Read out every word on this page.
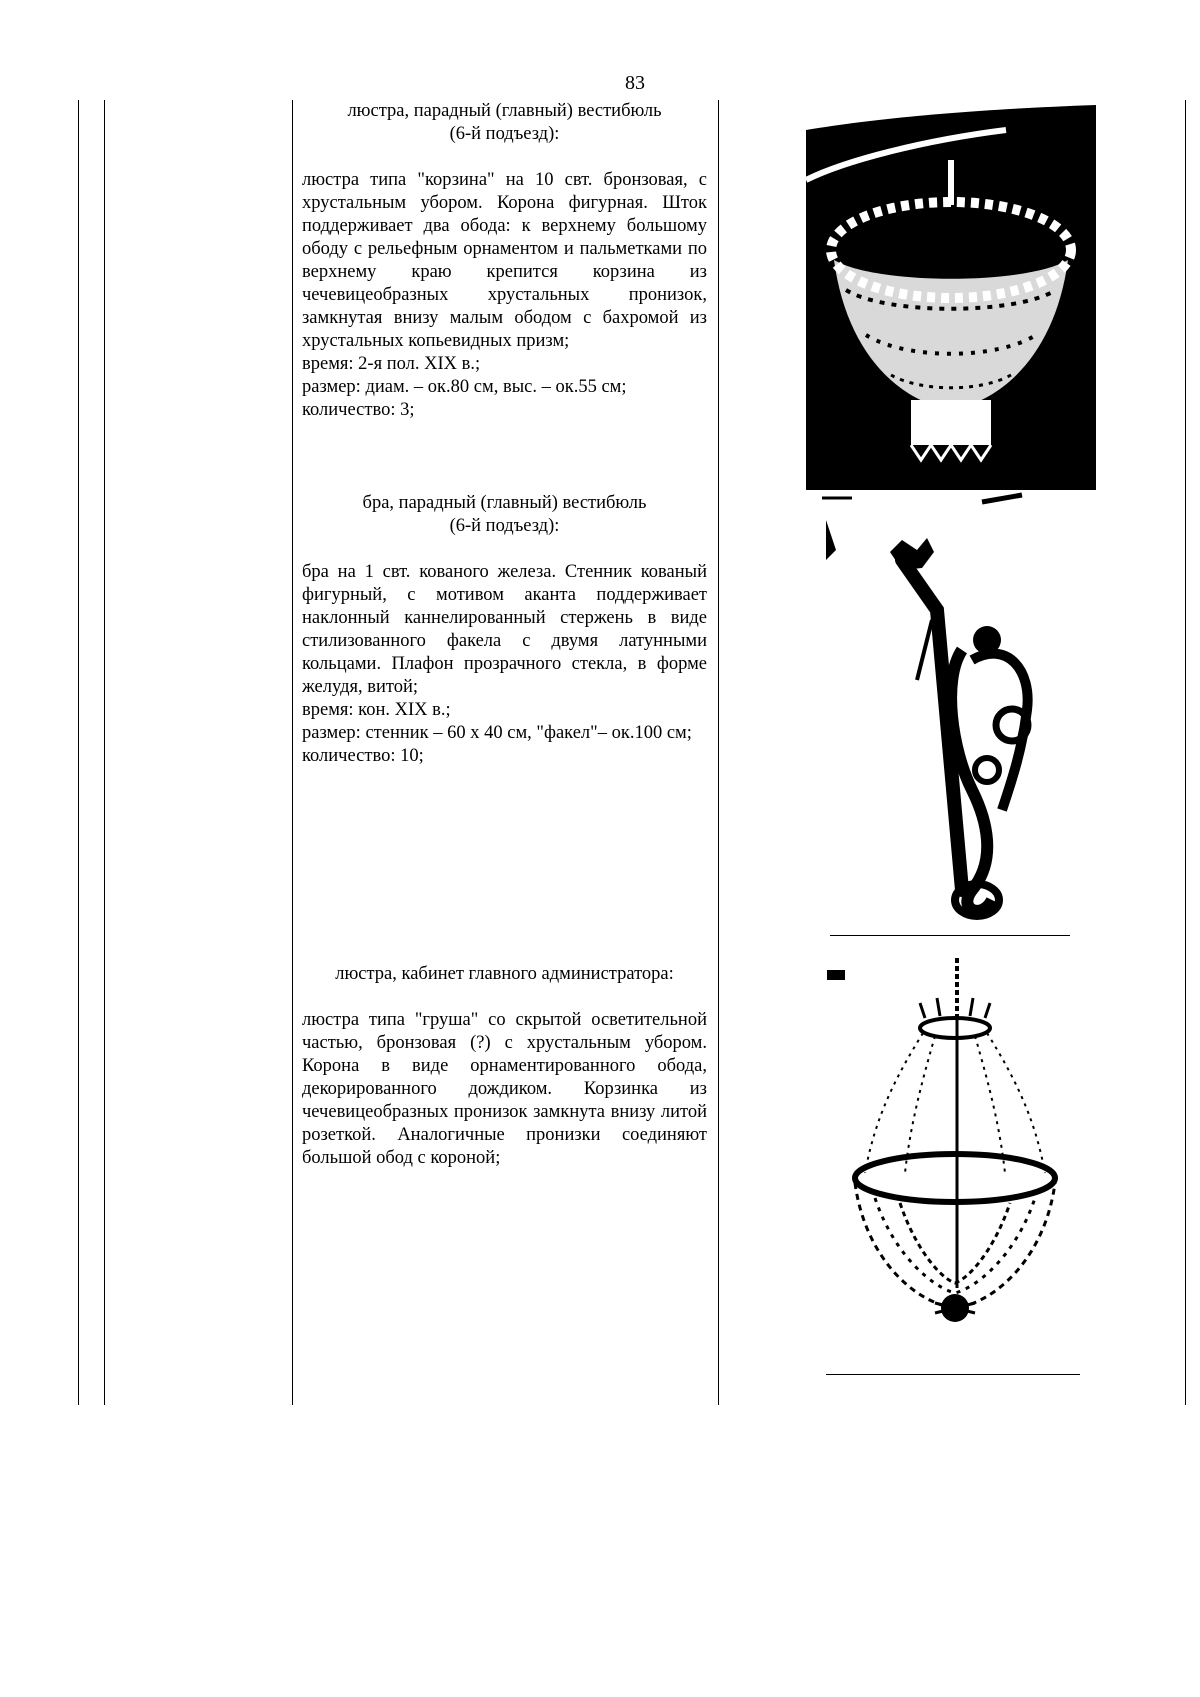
83
люстра, парадный (главный) вестибюль
(6-й подъезд):

люстра типа "корзина" на 10 свт. бронзовая, с хрустальным убором. Корона фигурная. Шток поддерживает два обода: к верхнему большому ободу с рельефным орнаментом и пальметками по верхнему краю крепится корзина из чечевицеобразных хрустальных пронизок, замкнутая внизу малым ободом с бахромой из хрустальных копьевидных призм;

время: 2-я пол. XIX в.;

размер: диам. – ок.80 см, выс. – ок.55 см;

количество: 3;

бра, парадный (главный) вестибюль
(6-й подъезд):

бра на 1 свт. кованого железа. Стенник кованый фигурный, с мотивом аканта поддерживает наклонный каннелированный стержень в виде стилизованного факела с двумя латунными кольцами. Плафон прозрачного стекла, в форме желудя, витой;

время: кон. XIX в.;

размер: стенник – 60 х 40 см, "факел"– ок.100 см;

количество: 10;

люстра, кабинет главного администратора:

люстра типа "груша" со скрытой осветительной частью, бронзовая (?) с хрустальным убором. Корона в виде орнаментированного обода, декорированного дождиком. Корзинка из чечевицеобразных пронизок замкнута внизу литой розеткой. Аналогичные пронизки соединяют большой обод с короной;
